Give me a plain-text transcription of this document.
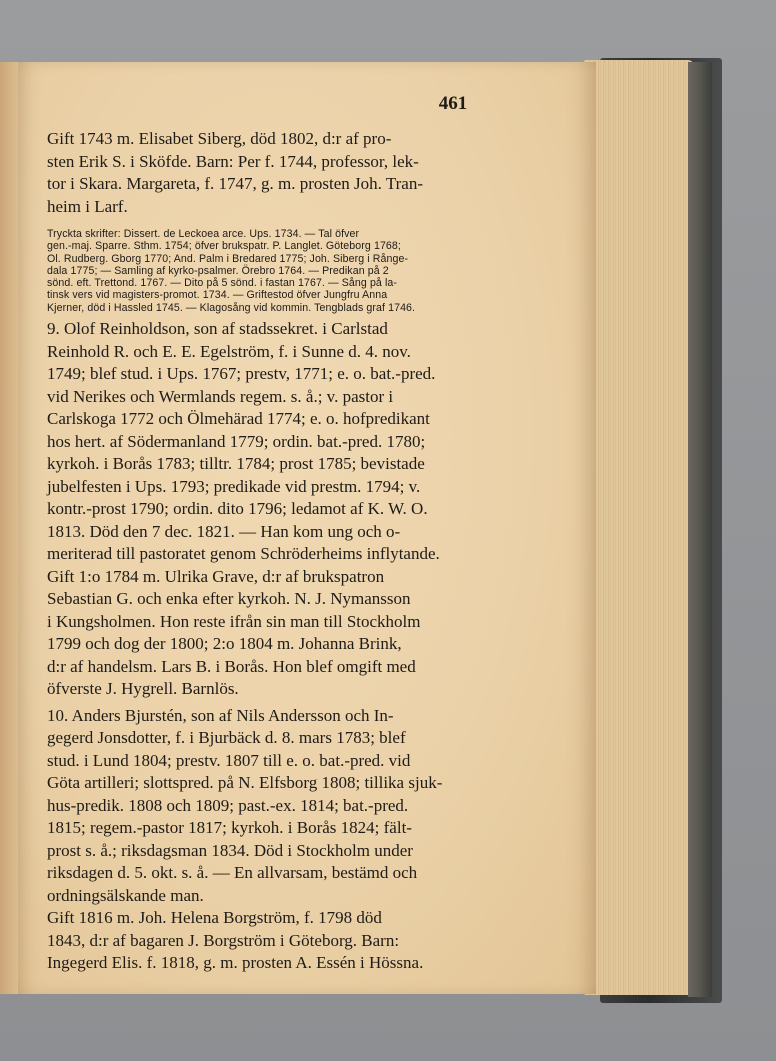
461
Gift 1743 m. Elisabet Siberg, död 1802, d:r af pro-
sten Erik S. i Sköfde. Barn: Per f. 1744, professor, lek-
tor i Skara. Margareta, f. 1747, g. m. prosten Joh. Tran-
heim i Larf.
Tryckta skrifter: Dissert. de Leckoea arce. Ups. 1734. — Tal öfver
gen.-maj. Sparre. Sthm. 1754; öfver brukspatr. P. Langlet. Göteborg 1768;
Ol. Rudberg. Gborg 1770; And. Palm i Bredared 1775; Joh. Siberg i Rånge-
dala 1775; — Samling af kyrko-psalmer. Örebro 1764. — Predikan på 2
sönd. eft. Trettond. 1767. — Dito på 5 sönd. i fastan 1767. — Sång på la-
tinsk vers vid magisters-promot. 1734. — Griftestod öfver Jungfru Anna
Kjerner, död i Hassled 1745. — Klagosång vid kommin. Tengblads graf 1746.
9. Olof Reinholdson, son af stadssekret. i Carlstad
Reinhold R. och E. E. Egelström, f. i Sunne d. 4. nov.
1749; blef stud. i Ups. 1767; prestv, 1771; e. o. bat.-pred.
vid Nerikes och Wermlands regem. s. å.; v. pastor i
Carlskoga 1772 och Ölmehärad 1774; e. o. hofpredikant
hos hert. af Södermanland 1779; ordin. bat.-pred. 1780;
kyrkoh. i Borås 1783; tilltr. 1784; prost 1785; bevistade
jubelfesten i Ups. 1793; predikade vid prestm. 1794; v.
kontr.-prost 1790; ordin. dito 1796; ledamot af K. W. O.
1813. Död den 7 dec. 1821. — Han kom ung och o-
meriterad till pastoratet genom Schröderheims inflytande.
Gift 1:o 1784 m. Ulrika Grave, d:r af brukspatron
Sebastian G. och enka efter kyrkoh. N. J. Nymansson
i Kungsholmen. Hon reste ifrån sin man till Stockholm
1799 och dog der 1800; 2:o 1804 m. Johanna Brink,
d:r af handelsm. Lars B. i Borås. Hon blef omgift med
öfverste J. Hygrell. Barnlös.
10. Anders Bjurstén, son af Nils Andersson och In-
gegerd Jonsdotter, f. i Bjurbäck d. 8. mars 1783; blef
stud. i Lund 1804; prestv. 1807 till e. o. bat.-pred. vid
Göta artilleri; slottspred. på N. Elfsborg 1808; tillika sjuk-
hus-predik. 1808 och 1809; past.-ex. 1814; bat.-pred.
1815; regem.-pastor 1817; kyrkoh. i Borås 1824; fält-
prost s. å.; riksdagsman 1834. Död i Stockholm under
riksdagen d. 5. okt. s. å. — En allvarsam, bestämd och
ordningsälskande man.
Gift 1816 m. Joh. Helena Borgström, f. 1798 död
1843, d:r af bagaren J. Borgström i Göteborg. Barn:
Ingegerd Elis. f. 1818, g. m. prosten A. Essén i Hössna.
